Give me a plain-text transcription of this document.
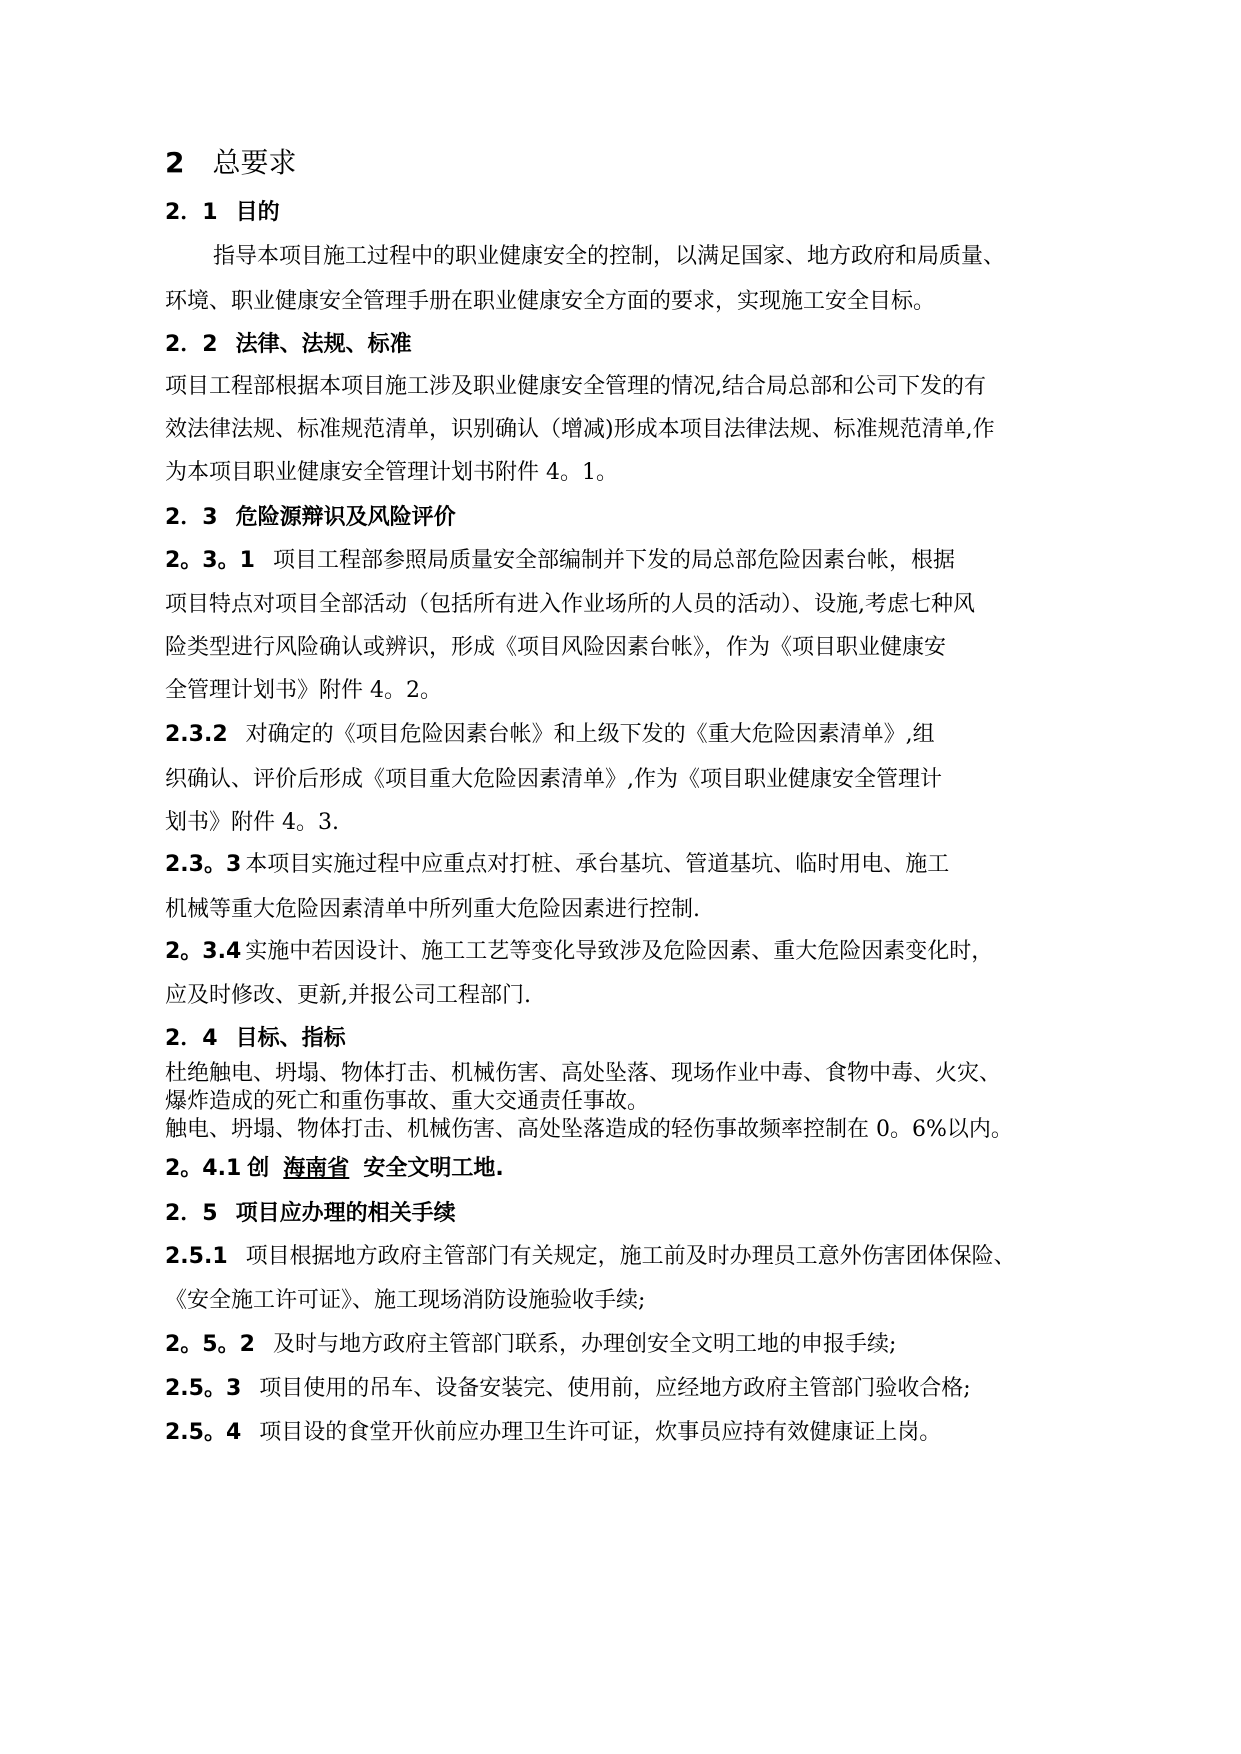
2 总要求
2．1 目的
指导本项目施工过程中的职业健康安全的控制，以满足国家、地方政府和局质量、
环境、职业健康安全管理手册在职业健康安全方面的要求，实现施工安全目标。
2．2 法律、法规、标准
项目工程部根据本项目施工涉及职业健康安全管理的情况,结合局总部和公司下发的有
效法律法规、标准规范清单，识别确认（增减)形成本项目法律法规、标准规范清单,作
为本项目职业健康安全管理计划书附件 4。1。
2．3 危险源辩识及风险评价
2。3。1 项目工程部参照局质量安全部编制并下发的局总部危险因素台帐，根据
项目特点对项目全部活动（包括所有进入作业场所的人员的活动）、设施,考虑七种风
险类型进行风险确认或辨识，形成《项目风险因素台帐》，作为《项目职业健康安
全管理计划书》附件 4。2。
2.3.2 对确定的《项目危险因素台帐》和上级下发的《重大危险因素清单》,组
织确认、评价后形成《项目重大危险因素清单》,作为《项目职业健康安全管理计
划书》附件 4。3.
2.3。3 本项目实施过程中应重点对打桩、承台基坑、管道基坑、临时用电、施工
机械等重大危险因素清单中所列重大危险因素进行控制.
2。3.4 实施中若因设计、施工工艺等变化导致涉及危险因素、重大危险因素变化时，
应及时修改、更新,并报公司工程部门.
2．4 目标、指标
杜绝触电、坍塌、物体打击、机械伤害、高处坠落、现场作业中毒、食物中毒、火灾、
爆炸造成的死亡和重伤事故、重大交通责任事故。
触电、坍塌、物体打击、机械伤害、高处坠落造成的轻伤事故频率控制在 0。6%以内。
2。4.1 创 海南省 安全文明工地.
2．5 项目应办理的相关手续
2.5.1 项目根据地方政府主管部门有关规定，施工前及时办理员工意外伤害团体保险、
《安全施工许可证》、施工现场消防设施验收手续;
2。5。2 及时与地方政府主管部门联系，办理创安全文明工地的申报手续;
2.5。3 项目使用的吊车、设备安装完、使用前，应经地方政府主管部门验收合格;
2.5。4 项目设的食堂开伙前应办理卫生许可证，炊事员应持有效健康证上岗。
